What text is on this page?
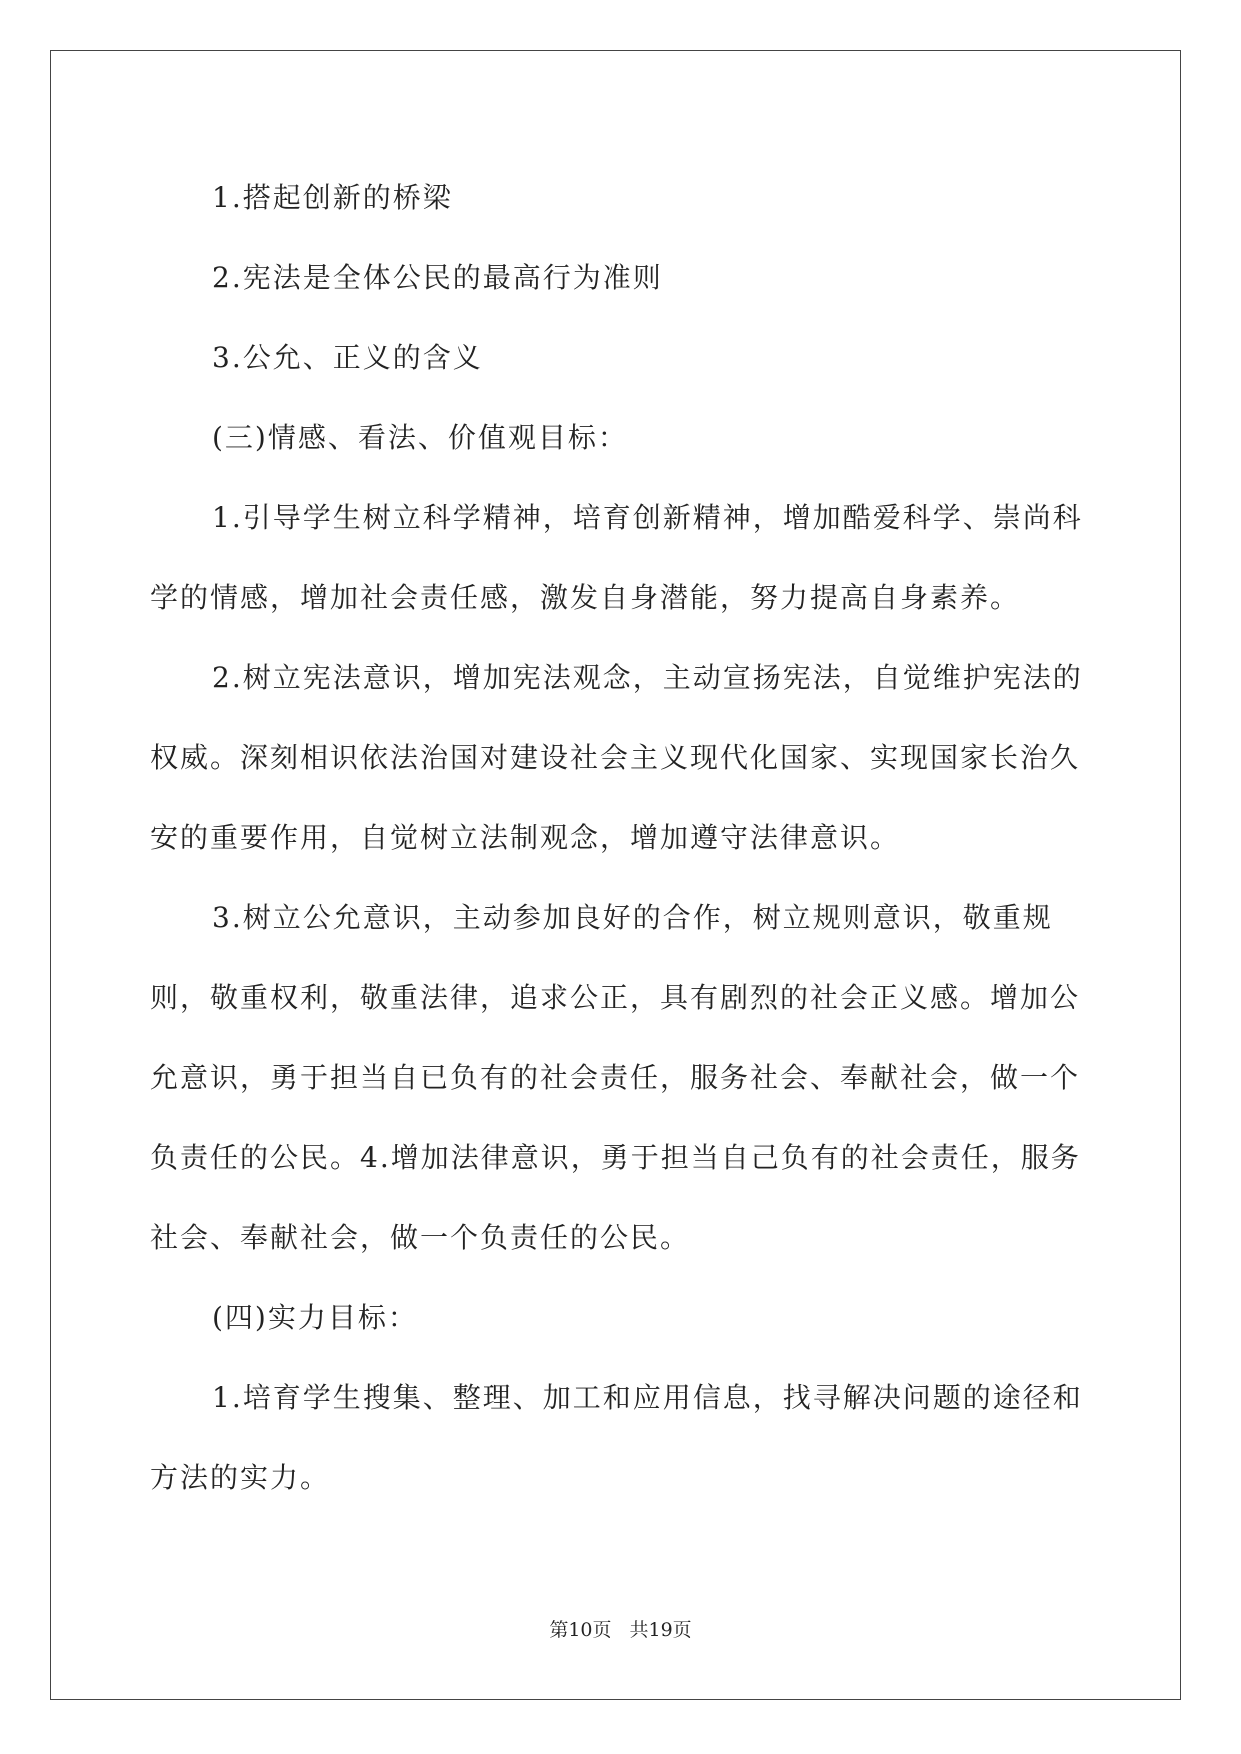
1.搭起创新的桥梁

2.宪法是全体公民的最高行为准则

3.公允、正义的含义

(三)情感、看法、价值观目标：

1.引导学生树立科学精神，培育创新精神，增加酷爱科学、崇尚科学的情感，增加社会责任感，激发自身潜能，努力提高自身素养。

2.树立宪法意识，增加宪法观念，主动宣扬宪法，自觉维护宪法的权威。深刻相识依法治国对建设社会主义现代化国家、实现国家长治久安的重要作用，自觉树立法制观念，增加遵守法律意识。

3.树立公允意识，主动参加良好的合作，树立规则意识，敬重规则，敬重权利，敬重法律，追求公正，具有剧烈的社会正义感。增加公允意识，勇于担当自已负有的社会责任，服务社会、奉献社会，做一个负责任的公民。4.增加法律意识，勇于担当自己负有的社会责任，服务社会、奉献社会，做一个负责任的公民。

(四)实力目标：

1.培育学生搜集、整理、加工和应用信息，找寻解决问题的途径和方法的实力。

第10页 共19页
